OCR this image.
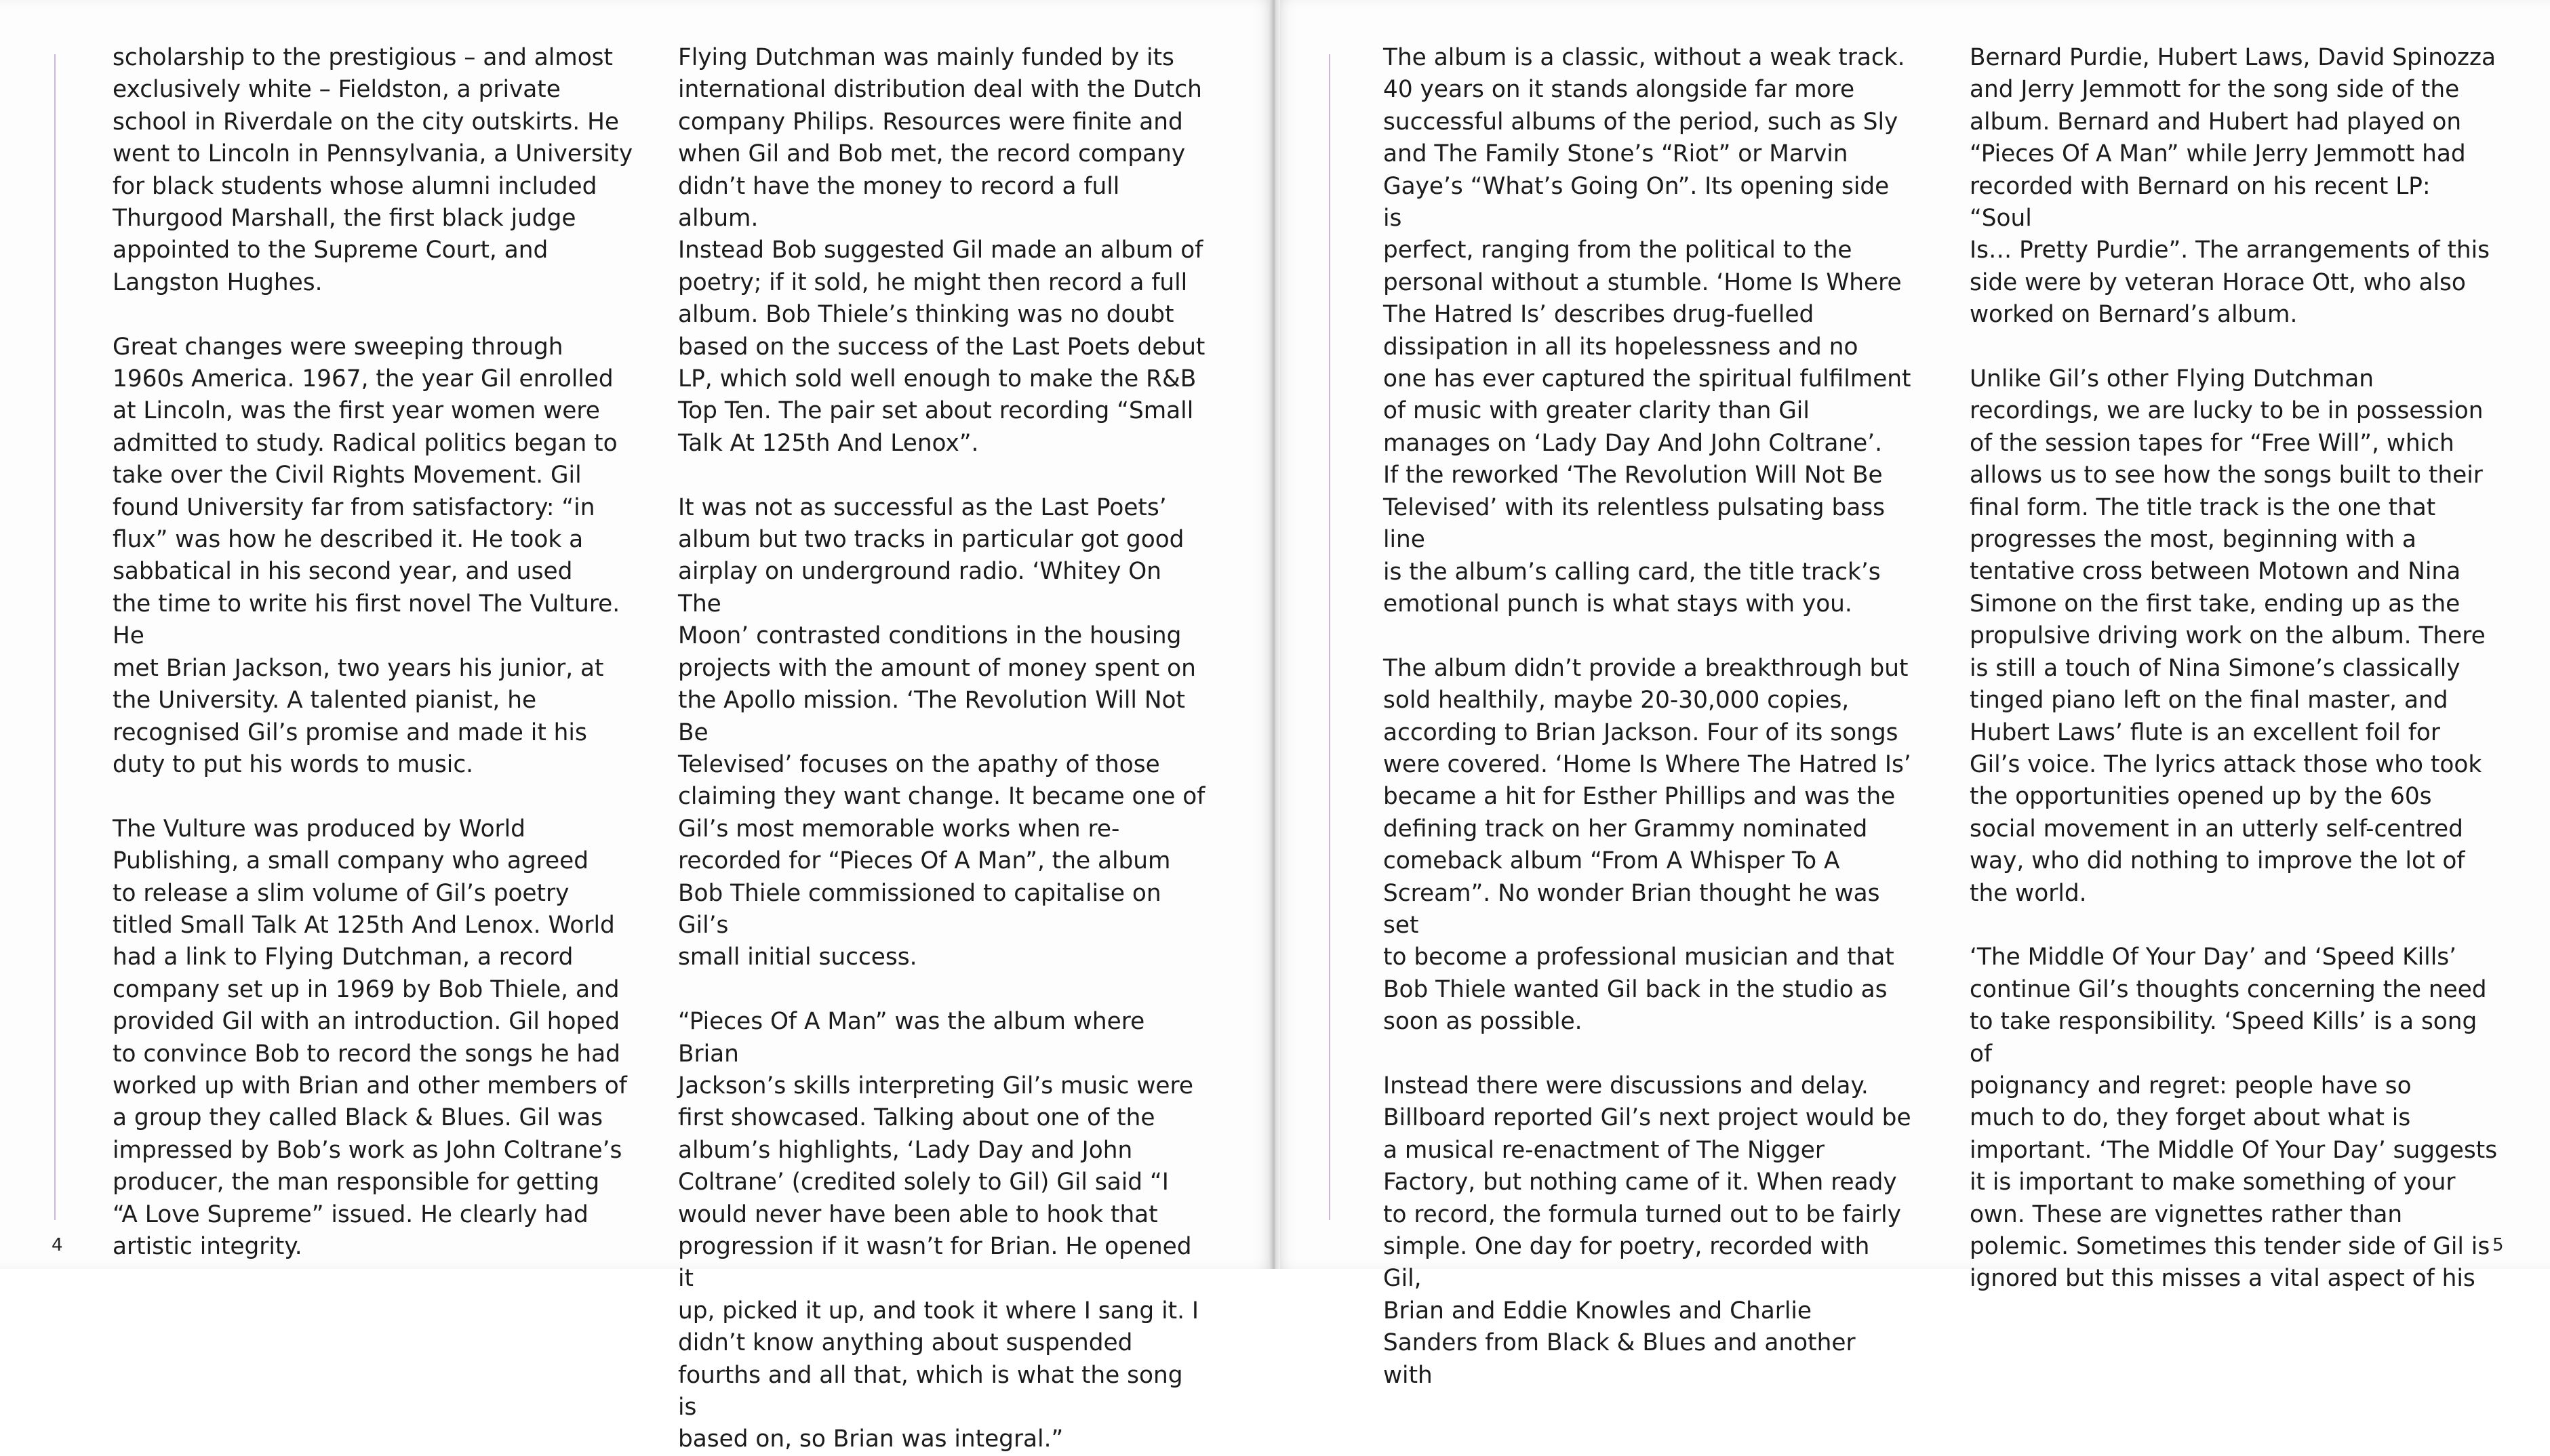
scholarship to the prestigious – and almost
exclusively white – Fieldston, a private
school in Riverdale on the city outskirts. He
went to Lincoln in Pennsylvania, a University
for black students whose alumni included
Thurgood Marshall, the first black judge
appointed to the Supreme Court, and
Langston Hughes.

Great changes were sweeping through
1960s America. 1967, the year Gil enrolled
at Lincoln, was the first year women were
admitted to study. Radical politics began to
take over the Civil Rights Movement. Gil
found University far from satisfactory: “in
flux” was how he described it. He took a
sabbatical in his second year, and used
the time to write his first novel The Vulture. He
met Brian Jackson, two years his junior, at
the University. A talented pianist, he
recognised Gil’s promise and made it his
duty to put his words to music.

The Vulture was produced by World
Publishing, a small company who agreed
to release a slim volume of Gil’s poetry
titled Small Talk At 125th And Lenox. World
had a link to Flying Dutchman, a record
company set up in 1969 by Bob Thiele, and
provided Gil with an introduction. Gil hoped
to convince Bob to record the songs he had
worked up with Brian and other members of
a group they called Black & Blues. Gil was
impressed by Bob’s work as John Coltrane’s
producer, the man responsible for getting
“A Love Supreme” issued. He clearly had
artistic integrity.

Flying Dutchman was mainly funded by its
international distribution deal with the Dutch
company Philips. Resources were finite and
when Gil and Bob met, the record company
didn’t have the money to record a full album.
Instead Bob suggested Gil made an album of
poetry; if it sold, he might then record a full
album. Bob Thiele’s thinking was no doubt
based on the success of the Last Poets debut
LP, which sold well enough to make the R&B
Top Ten. The pair set about recording “Small
Talk At 125th And Lenox”.

It was not as successful as the Last Poets’
album but two tracks in particular got good
airplay on underground radio. ‘Whitey On The
Moon’ contrasted conditions in the housing
projects with the amount of money spent on
the Apollo mission. ‘The Revolution Will Not Be
Televised’ focuses on the apathy of those
claiming they want change. It became one of
Gil’s most memorable works when re-
recorded for “Pieces Of A Man”, the album
Bob Thiele commissioned to capitalise on Gil’s
small initial success.

“Pieces Of A Man” was the album where Brian
Jackson’s skills interpreting Gil’s music were
first showcased. Talking about one of the
album’s highlights, ‘Lady Day and John
Coltrane’ (credited solely to Gil) Gil said “I
would never have been able to hook that
progression if it wasn’t for Brian. He opened it
up, picked it up, and took it where I sang it. I
didn’t know anything about suspended
fourths and all that, which is what the song is
based on, so Brian was integral.”

4

The album is a classic, without a weak track.
40 years on it stands alongside far more
successful albums of the period, such as Sly
and The Family Stone’s “Riot” or Marvin
Gaye’s “What’s Going On”. Its opening side is
perfect, ranging from the political to the
personal without a stumble. ‘Home Is Where
The Hatred Is’ describes drug-fuelled
dissipation in all its hopelessness and no
one has ever captured the spiritual fulfilment
of music with greater clarity than Gil
manages on ‘Lady Day And John Coltrane’.
If the reworked ‘The Revolution Will Not Be
Televised’ with its relentless pulsating bass line
is the album’s calling card, the title track’s
emotional punch is what stays with you.

The album didn’t provide a breakthrough but
sold healthily, maybe 20-30,000 copies,
according to Brian Jackson. Four of its songs
were covered. ‘Home Is Where The Hatred Is’
became a hit for Esther Phillips and was the
defining track on her Grammy nominated
comeback album “From A Whisper To A
Scream”. No wonder Brian thought he was set
to become a professional musician and that
Bob Thiele wanted Gil back in the studio as
soon as possible.

Instead there were discussions and delay.
Billboard reported Gil’s next project would be
a musical re-enactment of The Nigger
Factory, but nothing came of it. When ready
to record, the formula turned out to be fairly
simple. One day for poetry, recorded with Gil,
Brian and Eddie Knowles and Charlie
Sanders from Black & Blues and another with

Bernard Purdie, Hubert Laws, David Spinozza
and Jerry Jemmott for the song side of the
album. Bernard and Hubert had played on
“Pieces Of A Man” while Jerry Jemmott had
recorded with Bernard on his recent LP: “Soul
Is… Pretty Purdie”. The arrangements of this
side were by veteran Horace Ott, who also
worked on Bernard’s album.

Unlike Gil’s other Flying Dutchman
recordings, we are lucky to be in possession
of the session tapes for “Free Will”, which
allows us to see how the songs built to their
final form. The title track is the one that
progresses the most, beginning with a
tentative cross between Motown and Nina
Simone on the first take, ending up as the
propulsive driving work on the album. There
is still a touch of Nina Simone’s classically
tinged piano left on the final master, and
Hubert Laws’ flute is an excellent foil for
Gil’s voice. The lyrics attack those who took
the opportunities opened up by the 60s
social movement in an utterly self-centred
way, who did nothing to improve the lot of
the world.

‘The Middle Of Your Day’ and ‘Speed Kills’
continue Gil’s thoughts concerning the need
to take responsibility. ‘Speed Kills’ is a song of
poignancy and regret: people have so
much to do, they forget about what is
important. ‘The Middle Of Your Day’ suggests
it is important to make something of your
own. These are vignettes rather than
polemic. Sometimes this tender side of Gil is
ignored but this misses a vital aspect of his

5
